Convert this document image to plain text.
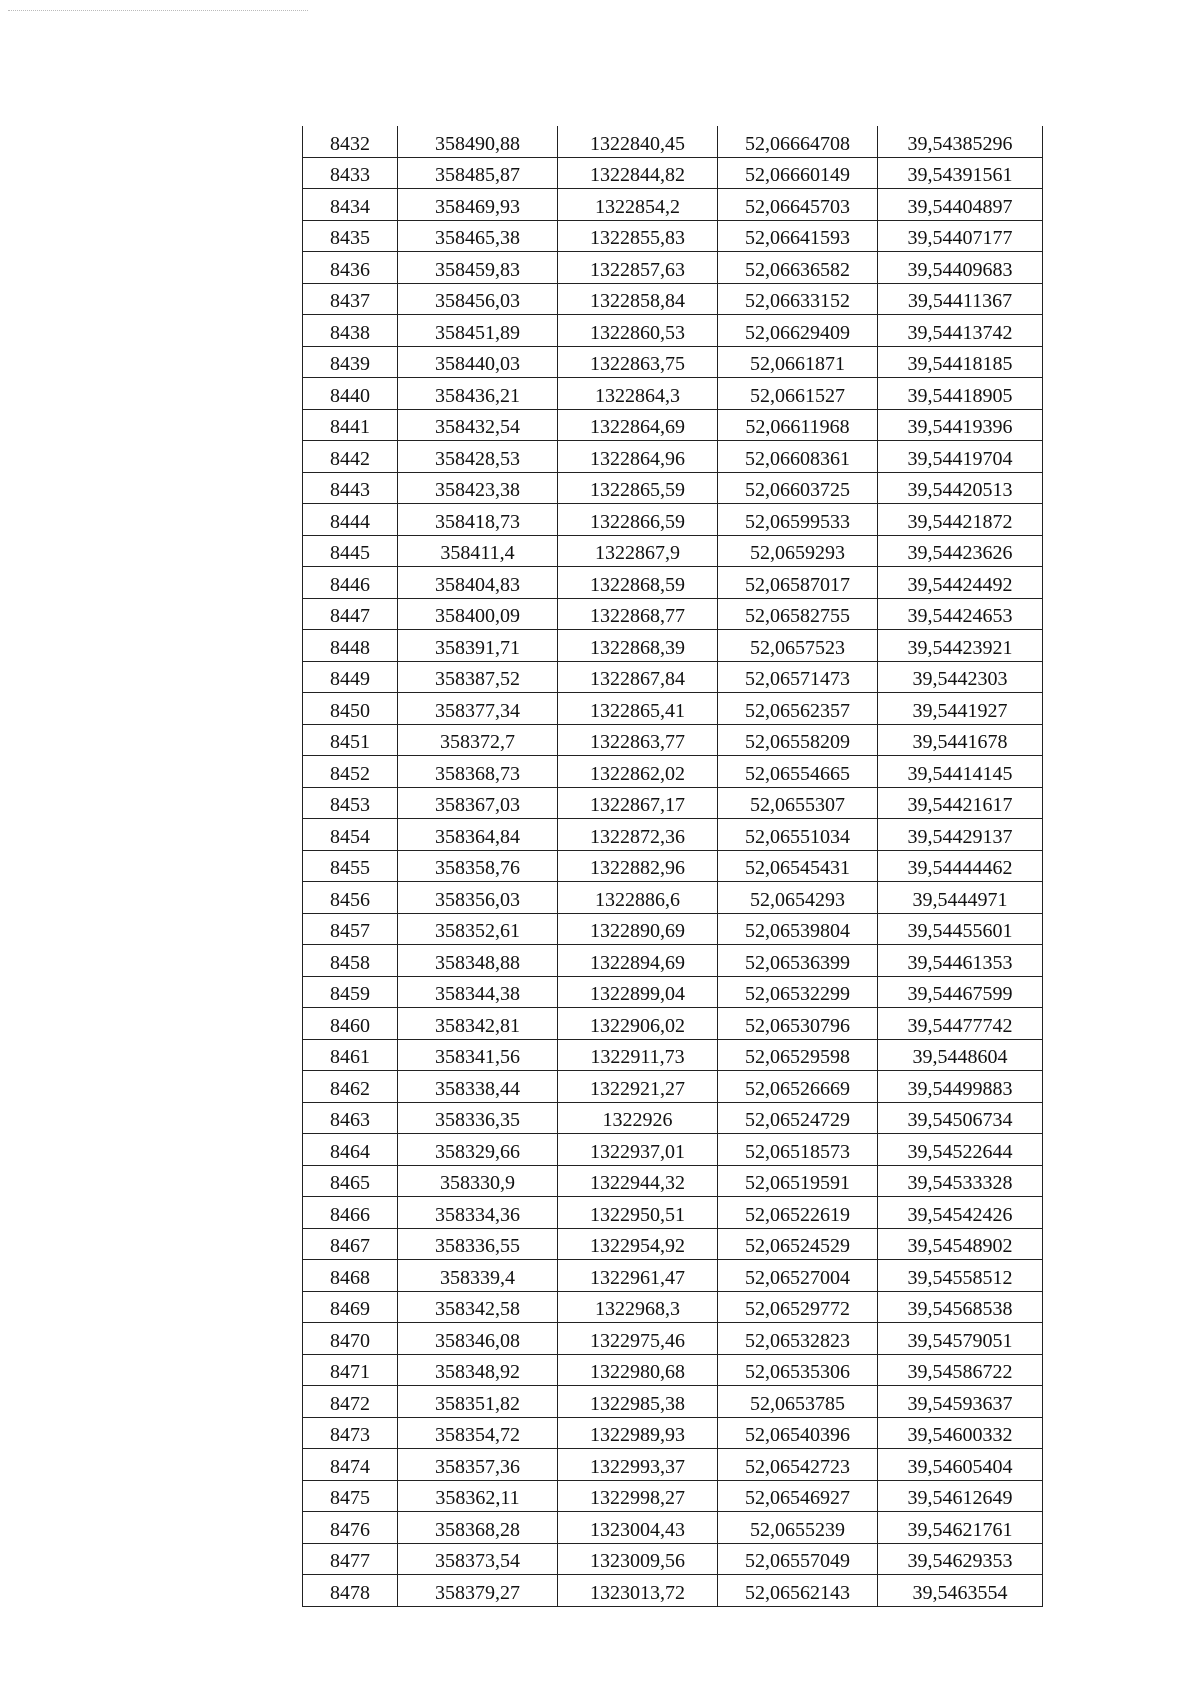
8432	358490,88	1322840,45	52,06664708	39,54385296
8433	358485,87	1322844,82	52,06660149	39,54391561
8434	358469,93	1322854,2	52,06645703	39,54404897
8435	358465,38	1322855,83	52,06641593	39,54407177
8436	358459,83	1322857,63	52,06636582	39,54409683
8437	358456,03	1322858,84	52,06633152	39,54411367
8438	358451,89	1322860,53	52,06629409	39,54413742
8439	358440,03	1322863,75	52,0661871	39,54418185
8440	358436,21	1322864,3	52,0661527	39,54418905
8441	358432,54	1322864,69	52,06611968	39,54419396
8442	358428,53	1322864,96	52,06608361	39,54419704
8443	358423,38	1322865,59	52,06603725	39,54420513
8444	358418,73	1322866,59	52,06599533	39,54421872
8445	358411,4	1322867,9	52,0659293	39,54423626
8446	358404,83	1322868,59	52,06587017	39,54424492
8447	358400,09	1322868,77	52,06582755	39,54424653
8448	358391,71	1322868,39	52,0657523	39,54423921
8449	358387,52	1322867,84	52,06571473	39,5442303
8450	358377,34	1322865,41	52,06562357	39,5441927
8451	358372,7	1322863,77	52,06558209	39,5441678
8452	358368,73	1322862,02	52,06554665	39,54414145
8453	358367,03	1322867,17	52,0655307	39,54421617
8454	358364,84	1322872,36	52,06551034	39,54429137
8455	358358,76	1322882,96	52,06545431	39,54444462
8456	358356,03	1322886,6	52,0654293	39,5444971
8457	358352,61	1322890,69	52,06539804	39,54455601
8458	358348,88	1322894,69	52,06536399	39,54461353
8459	358344,38	1322899,04	52,06532299	39,54467599
8460	358342,81	1322906,02	52,06530796	39,54477742
8461	358341,56	1322911,73	52,06529598	39,5448604
8462	358338,44	1322921,27	52,06526669	39,54499883
8463	358336,35	1322926	52,06524729	39,54506734
8464	358329,66	1322937,01	52,06518573	39,54522644
8465	358330,9	1322944,32	52,06519591	39,54533328
8466	358334,36	1322950,51	52,06522619	39,54542426
8467	358336,55	1322954,92	52,06524529	39,54548902
8468	358339,4	1322961,47	52,06527004	39,54558512
8469	358342,58	1322968,3	52,06529772	39,54568538
8470	358346,08	1322975,46	52,06532823	39,54579051
8471	358348,92	1322980,68	52,06535306	39,54586722
8472	358351,82	1322985,38	52,0653785	39,54593637
8473	358354,72	1322989,93	52,06540396	39,54600332
8474	358357,36	1322993,37	52,06542723	39,54605404
8475	358362,11	1322998,27	52,06546927	39,54612649
8476	358368,28	1323004,43	52,0655239	39,54621761
8477	358373,54	1323009,56	52,06557049	39,54629353
8478	358379,27	1323013,72	52,06562143	39,5463554
